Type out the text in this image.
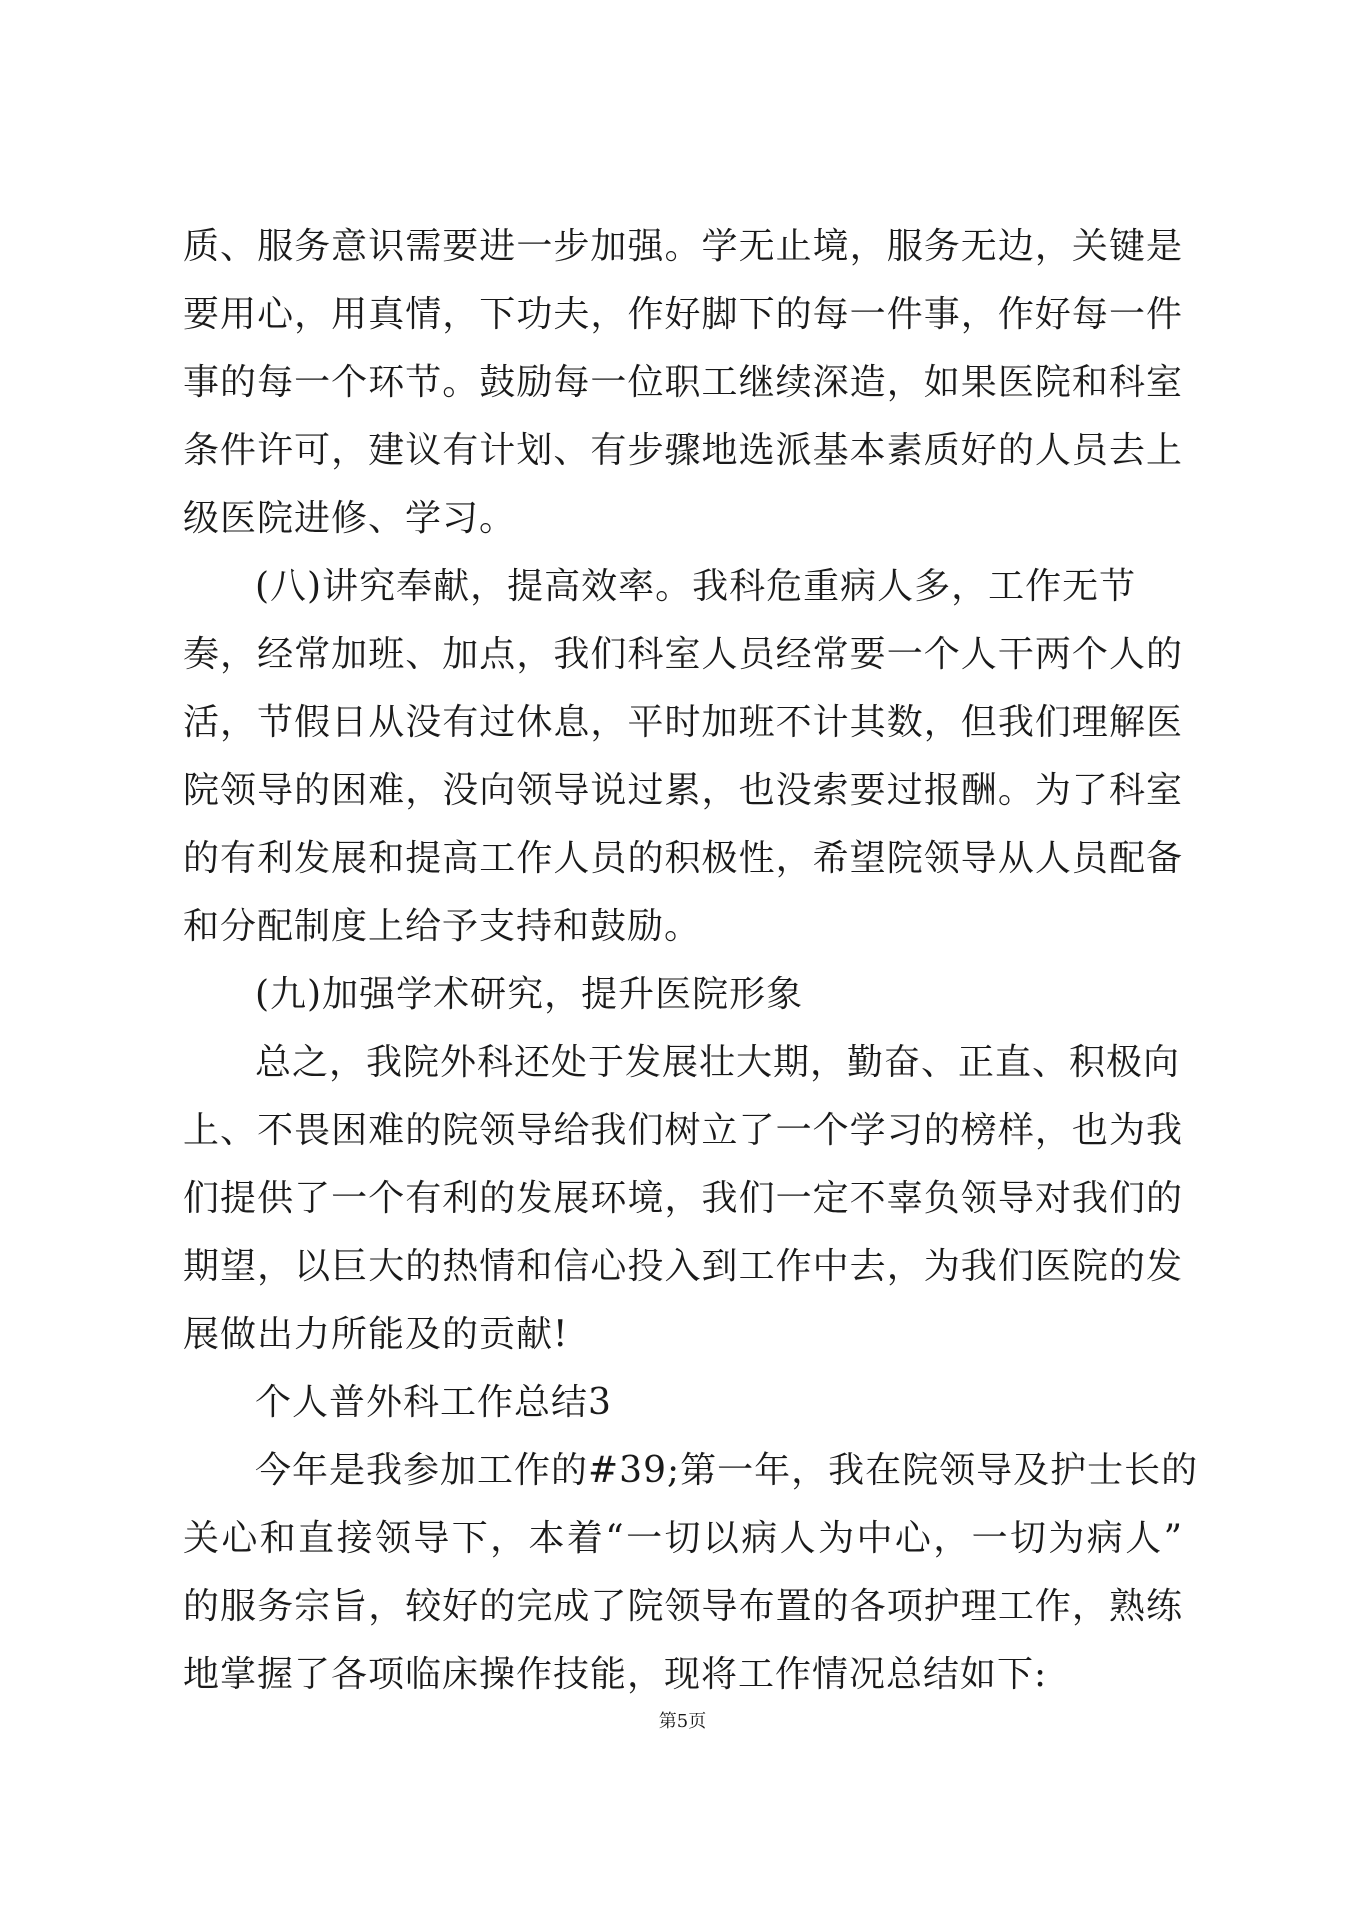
质、服务意识需要进一步加强。学无止境，服务无边，关键是
要用心，用真情，下功夫，作好脚下的每一件事，作好每一件
事的每一个环节。鼓励每一位职工继续深造，如果医院和科室
条件许可，建议有计划、有步骤地选派基本素质好的人员去上
级医院进修、学习。
(八)讲究奉献，提高效率。我科危重病人多，工作无节
奏，经常加班、加点，我们科室人员经常要一个人干两个人的
活，节假日从没有过休息，平时加班不计其数，但我们理解医
院领导的困难，没向领导说过累，也没索要过报酬。为了科室
的有利发展和提高工作人员的积极性，希望院领导从人员配备
和分配制度上给予支持和鼓励。
(九)加强学术研究，提升医院形象
总之，我院外科还处于发展壮大期，勤奋、正直、积极向
上、不畏困难的院领导给我们树立了一个学习的榜样，也为我
们提供了一个有利的发展环境，我们一定不辜负领导对我们的
期望，以巨大的热情和信心投入到工作中去，为我们医院的发
展做出力所能及的贡献!
个人普外科工作总结3
今年是我参加工作的#39;第一年，我在院领导及护士长的
关心和直接领导下，本着“一切以病人为中心，一切为病人”
的服务宗旨，较好的完成了院领导布置的各项护理工作，熟练
地掌握了各项临床操作技能，现将工作情况总结如下:
第5页
